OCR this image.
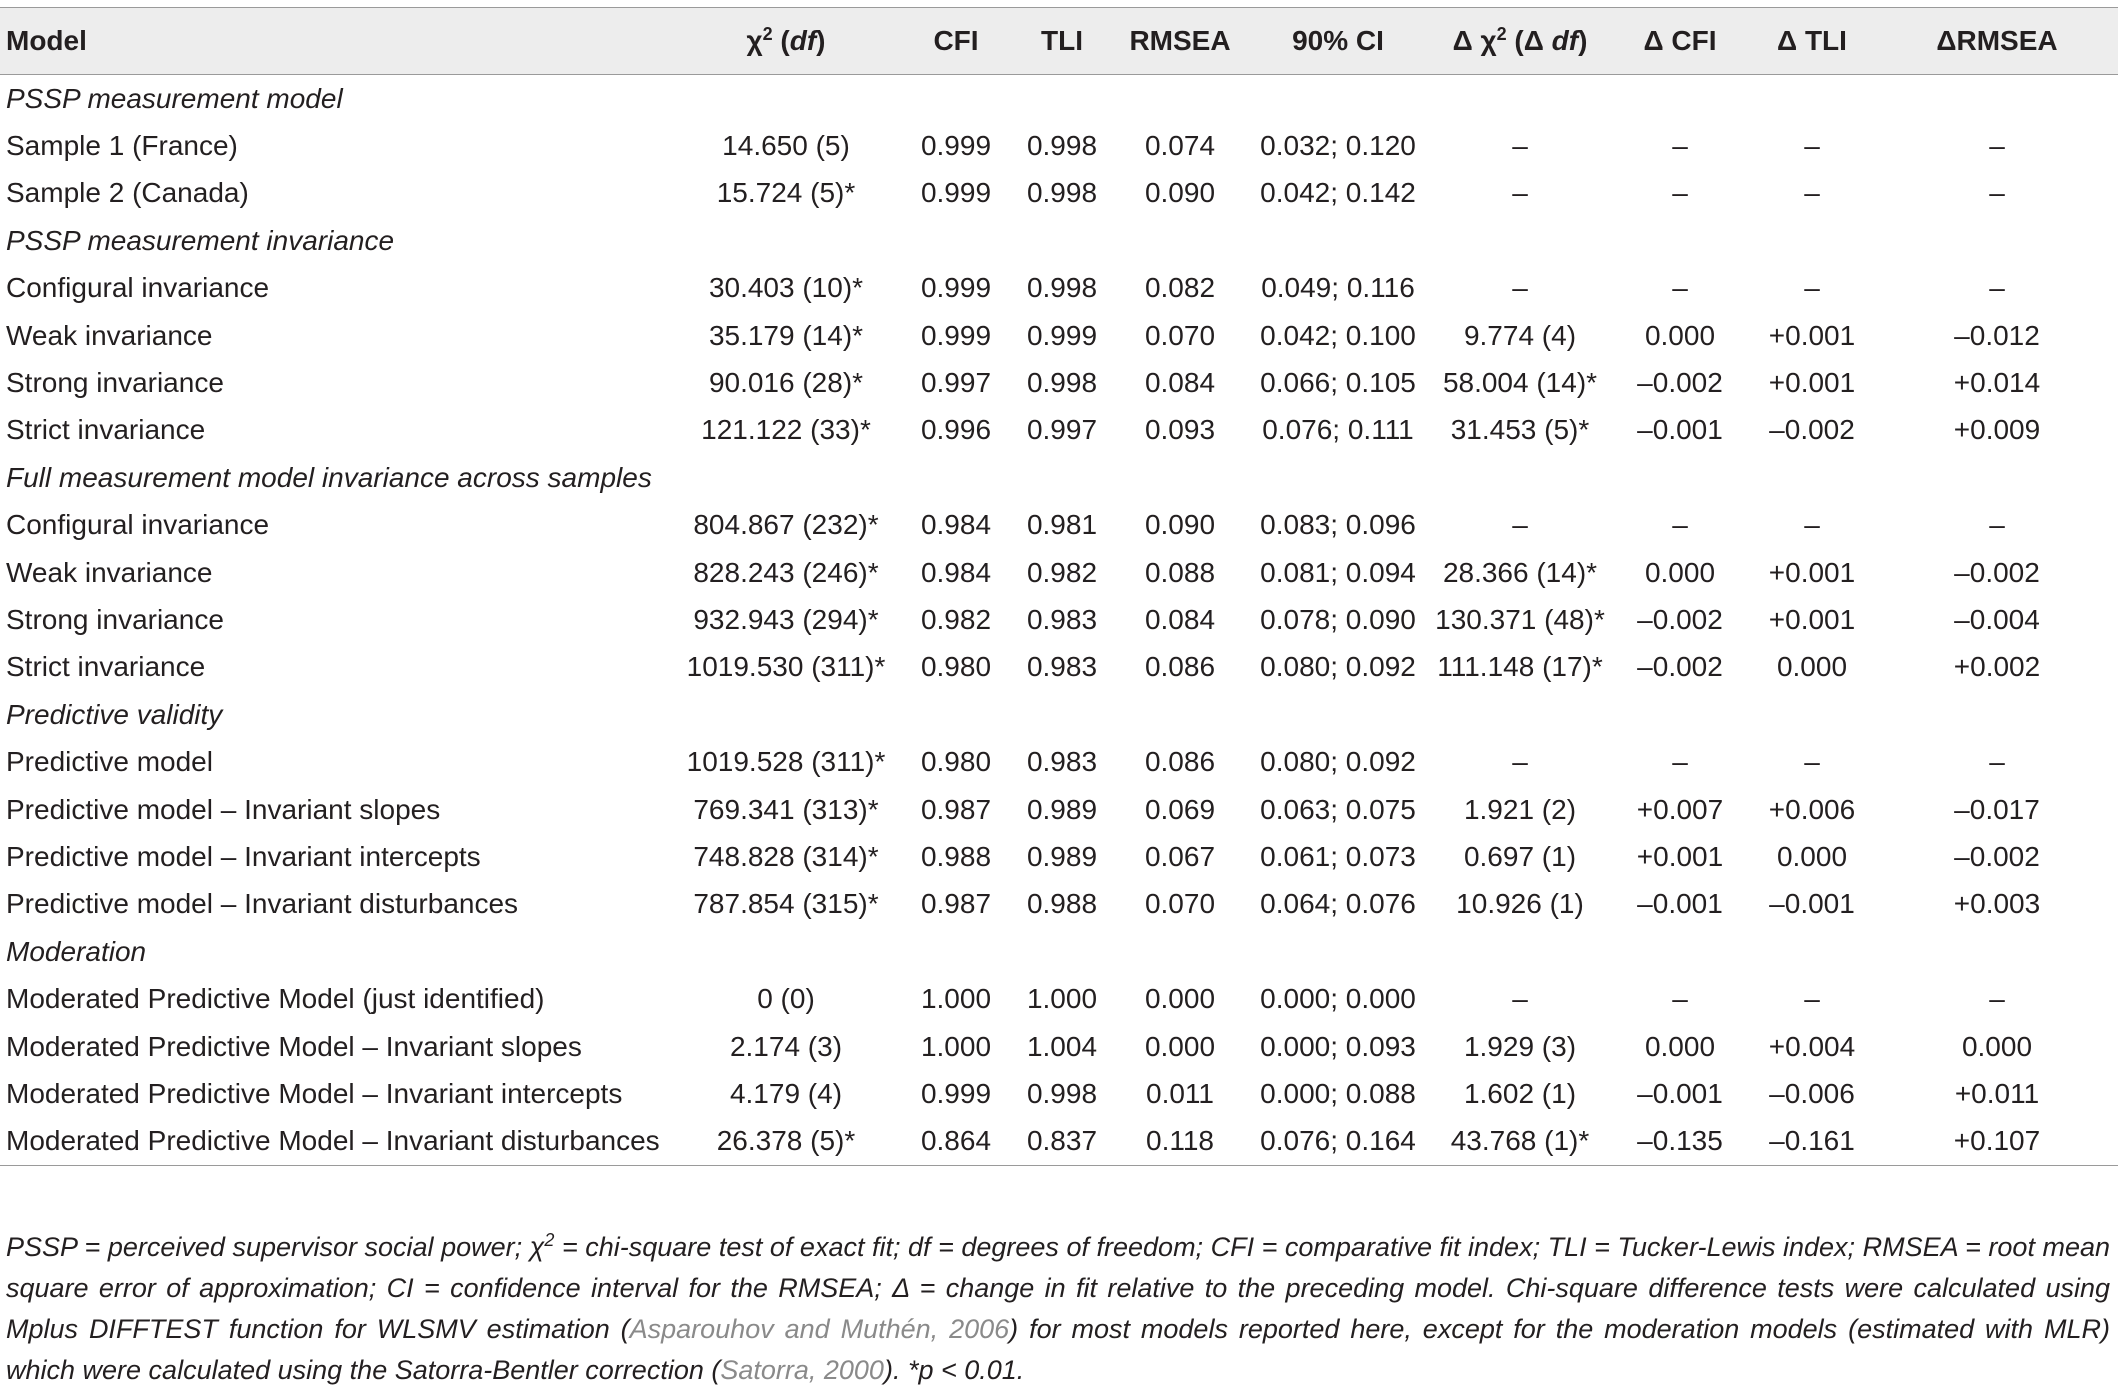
Model	$\chi^2$ (df)	CFI	TLI	RMSEA	90% CI	Δ $\chi^2$ (Δ df)	Δ CFI	Δ TLI	ΔRMSEA
PSSP measurement model									
Sample 1 (France)	14.650 (5)	0.999	0.998	0.074	0.032; 0.120	–	–	–	–
Sample 2 (Canada)	15.724 (5)*	0.999	0.998	0.090	0.042; 0.142	–	–	–	–
PSSP measurement invariance									
Configural invariance	30.403 (10)*	0.999	0.998	0.082	0.049; 0.116	–	–	–	–
Weak invariance	35.179 (14)*	0.999	0.999	0.070	0.042; 0.100	9.774 (4)	0.000	+0.001	–0.012
Strong invariance	90.016 (28)*	0.997	0.998	0.084	0.066; 0.105	58.004 (14)*	–0.002	+0.001	+0.014
Strict invariance	121.122 (33)*	0.996	0.997	0.093	0.076; 0.111	31.453 (5)*	–0.001	–0.002	+0.009
Full measurement model invariance across samples									
Configural invariance	804.867 (232)*	0.984	0.981	0.090	0.083; 0.096	–	–	–	–
Weak invariance	828.243 (246)*	0.984	0.982	0.088	0.081; 0.094	28.366 (14)*	0.000	+0.001	–0.002
Strong invariance	932.943 (294)*	0.982	0.983	0.084	0.078; 0.090	130.371 (48)*	–0.002	+0.001	–0.004
Strict invariance	1019.530 (311)*	0.980	0.983	0.086	0.080; 0.092	111.148 (17)*	–0.002	0.000	+0.002
Predictive validity									
Predictive model	1019.528 (311)*	0.980	0.983	0.086	0.080; 0.092	–	–	–	–
Predictive model – Invariant slopes	769.341 (313)*	0.987	0.989	0.069	0.063; 0.075	1.921 (2)	+0.007	+0.006	–0.017
Predictive model – Invariant intercepts	748.828 (314)*	0.988	0.989	0.067	0.061; 0.073	0.697 (1)	+0.001	0.000	–0.002
Predictive model – Invariant disturbances	787.854 (315)*	0.987	0.988	0.070	0.064; 0.076	10.926 (1)	–0.001	–0.001	+0.003
Moderation									
Moderated Predictive Model (just identified)	0 (0)	1.000	1.000	0.000	0.000; 0.000	–	–	–	–
Moderated Predictive Model – Invariant slopes	2.174 (3)	1.000	1.004	0.000	0.000; 0.093	1.929 (3)	0.000	+0.004	0.000
Moderated Predictive Model – Invariant intercepts	4.179 (4)	0.999	0.998	0.011	0.000; 0.088	1.602 (1)	–0.001	–0.006	+0.011
Moderated Predictive Model – Invariant disturbances	26.378 (5)*	0.864	0.837	0.118	0.076; 0.164	43.768 (1)*	–0.135	–0.161	+0.107

PSSP = perceived supervisor social power; $\chi^2$ = chi-square test of exact fit; df = degrees of freedom; CFI = comparative fit index; TLI = Tucker-Lewis index; RMSEA = root mean square error of approximation; CI = confidence interval for the RMSEA; Δ = change in fit relative to the preceding model. Chi-square difference tests were calculated using Mplus DIFFTEST function for WLSMV estimation (Asparouhov and Muthén, 2006) for most models reported here, except for the moderation models (estimated with MLR) which were calculated using the Satorra-Bentler correction (Satorra, 2000). *p < 0.01.
